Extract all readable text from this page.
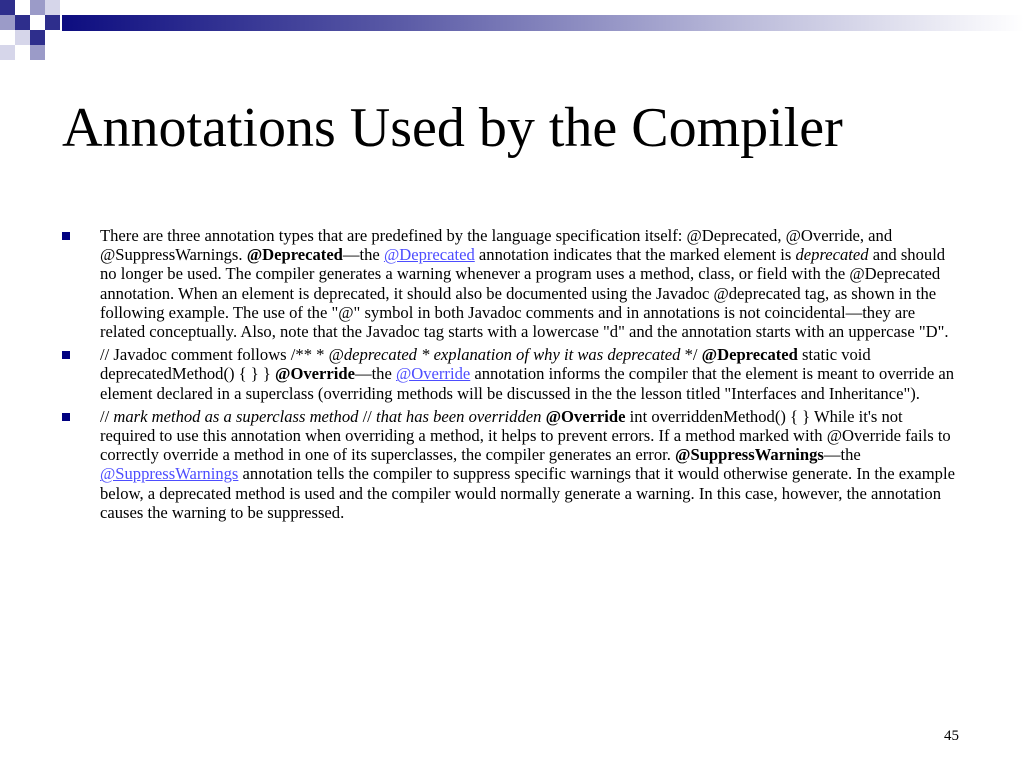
Annotations Used by the Compiler
There are three annotation types that are predefined by the language specification itself: @Deprecated, @Override, and @SuppressWarnings. @Deprecated—the @Deprecated annotation indicates that the marked element is deprecated and should no longer be used. The compiler generates a warning whenever a program uses a method, class, or field with the @Deprecated annotation. When an element is deprecated, it should also be documented using the Javadoc @deprecated tag, as shown in the following example. The use of the "@" symbol in both Javadoc comments and in annotations is not coincidental—they are related conceptually. Also, note that the Javadoc tag starts with a lowercase "d" and the annotation starts with an uppercase "D".
// Javadoc comment follows /** * @deprecated * explanation of why it was deprecated */ @Deprecated static void deprecatedMethod() { } } @Override—the @Override annotation informs the compiler that the element is meant to override an element declared in a superclass (overriding methods will be discussed in the the lesson titled "Interfaces and Inheritance").
// mark method as a superclass method // that has been overridden @Override int overriddenMethod() { } While it's not required to use this annotation when overriding a method, it helps to prevent errors. If a method marked with @Override fails to correctly override a method in one of its superclasses, the compiler generates an error. @SuppressWarnings—the @SuppressWarnings annotation tells the compiler to suppress specific warnings that it would otherwise generate. In the example below, a deprecated method is used and the compiler would normally generate a warning. In this case, however, the annotation causes the warning to be suppressed.
45
